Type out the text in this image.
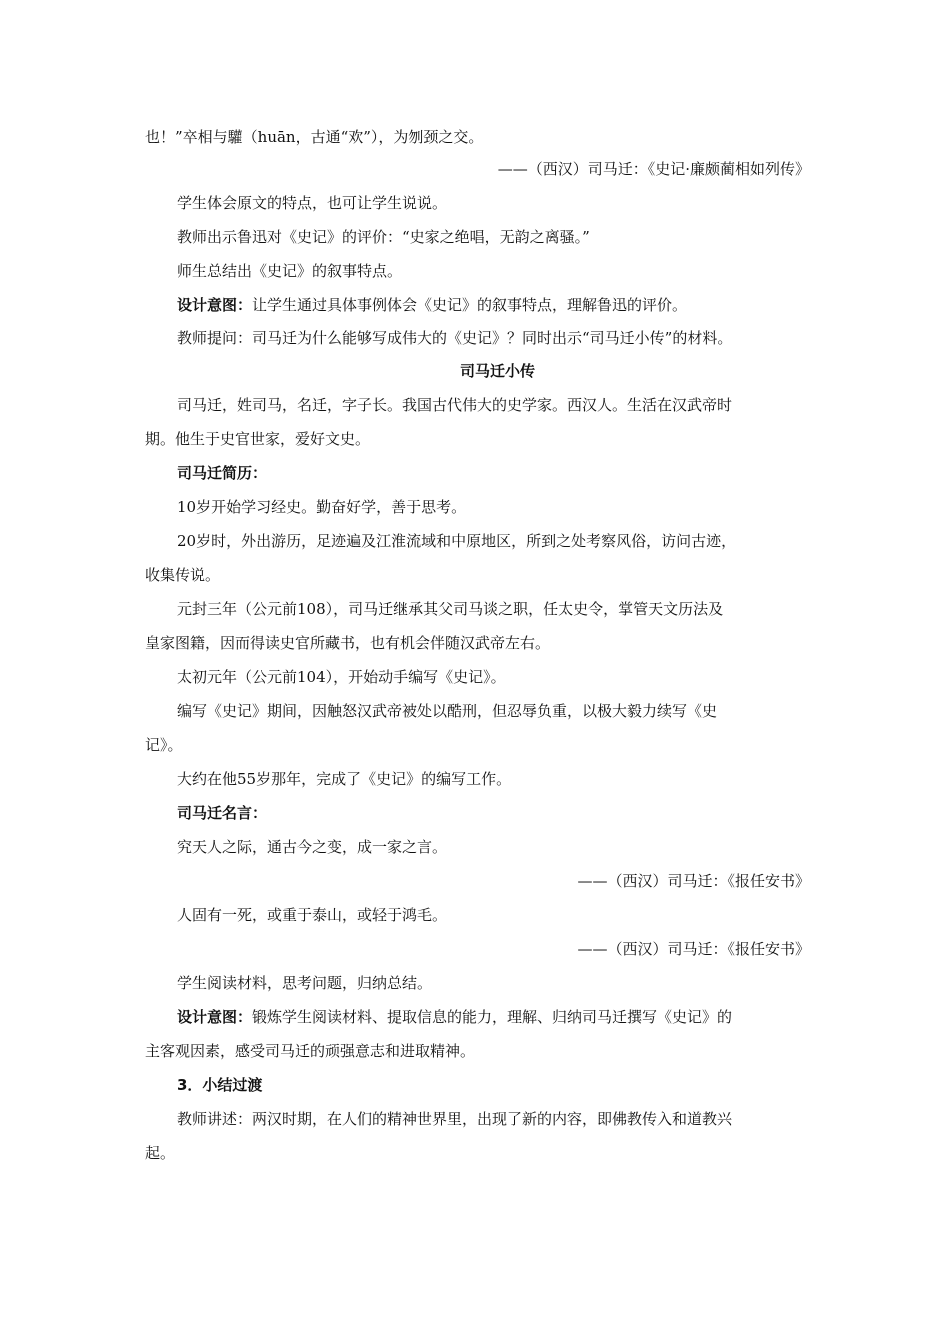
也！”卒相与驩（huān，古通“欢”），为刎颈之交。
——（西汉）司马迁：《史记·廉颇蔺相如列传》
学生体会原文的特点，也可让学生说说。
教师出示鲁迅对《史记》的评价：“史家之绝唱，无韵之离骚。”
师生总结出《史记》的叙事特点。
设计意图：让学生通过具体事例体会《史记》的叙事特点，理解鲁迅的评价。
教师提问：司马迁为什么能够写成伟大的《史记》？同时出示“司马迁小传”的材料。
司马迁小传
司马迁，姓司马，名迁，字子长。我国古代伟大的史学家。西汉人。生活在汉武帝时
期。他生于史官世家，爱好文史。
司马迁简历：
10岁开始学习经史。勤奋好学，善于思考。
20岁时，外出游历，足迹遍及江淮流域和中原地区，所到之处考察风俗，访问古迹，
收集传说。
元封三年（公元前108），司马迁继承其父司马谈之职，任太史令，掌管天文历法及
皇家图籍，因而得读史官所藏书，也有机会伴随汉武帝左右。
太初元年（公元前104），开始动手编写《史记》。
编写《史记》期间，因触怒汉武帝被处以酷刑，但忍辱负重，以极大毅力续写《史
记》。
大约在他55岁那年，完成了《史记》的编写工作。
司马迁名言：
究天人之际，通古今之变，成一家之言。
——（西汉）司马迁：《报任安书》
人固有一死，或重于泰山，或轻于鸿毛。
——（西汉）司马迁：《报任安书》
学生阅读材料，思考问题，归纳总结。
设计意图：锻炼学生阅读材料、提取信息的能力，理解、归纳司马迁撰写《史记》的
主客观因素，感受司马迁的顽强意志和进取精神。
3．小结过渡
教师讲述：两汉时期，在人们的精神世界里，出现了新的内容，即佛教传入和道教兴
起。
